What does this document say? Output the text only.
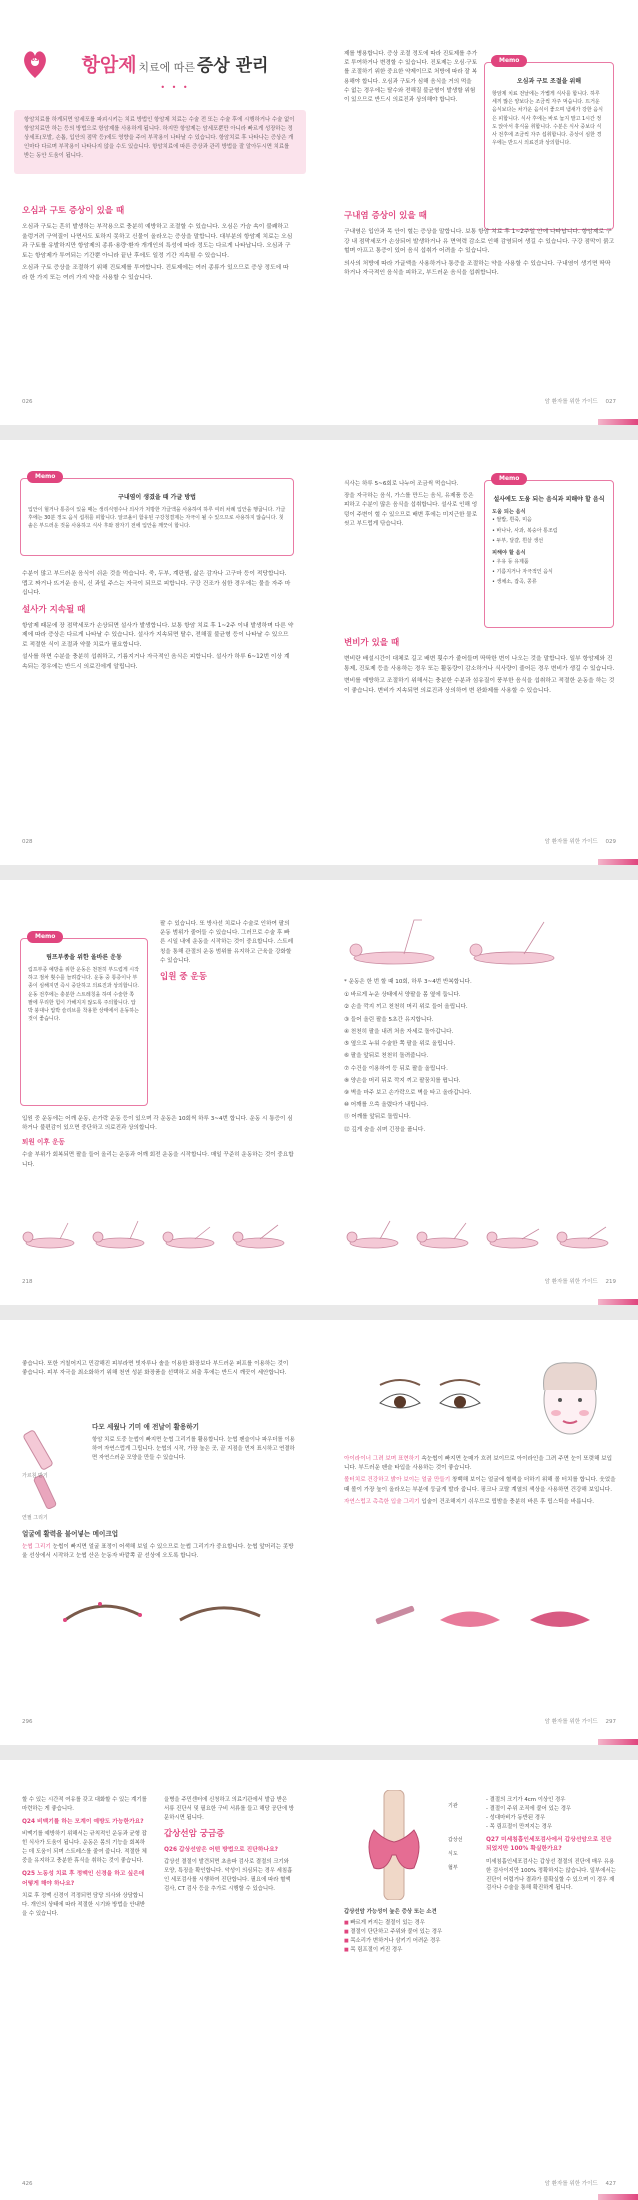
03	항암제 치료에 따른 증상 관리
• • •
항암치료를 하게되면 암세포를 파괴시키는 치료 방법인 항암제 치료는 수술 전 또는 수술 후에 시행하거나 수술 없이 항암치료만 하는 등의 방법으로 항암제를 사용하게 됩니다. 하지만 항암제는 암세포뿐만 아니라 빠르게 성장하는 정상세포(모발, 손톱, 입안의 점막 등)에도 영향을 주어 부작용이 나타날 수 있습니다. 항암치료 후 나타나는 증상은 개인마다 다르며 부작용이 나타나지 않을 수도 있습니다. 항암치료에 따른 증상과 관리 방법을 잘 알아두시면 치료를 받는 동안 도움이 됩니다.
오심과 구토 증상이 있을 때

오심과 구토는 흔히 발생하는 부작용으로 충분히 예방하고 조절할 수 있습니다. 오심은 가슴 속이 불쾌하고 울렁거려 구역질이 나면서도 토하지 못하고 신물이 올라오는 증상을 말합니다. 대부분의 항암제 치료는 오심과 구토를 유발하지만 항암제의 종류·용량·환자 개개인의 특성에 따라 정도는 다르게 나타납니다. 오심과 구토는 항암제가 투여되는 기간뿐 아니라 끝난 후에도 일정 기간 지속될 수 있습니다.

오심과 구토 증상을 조절하기 위해 진토제를 투여합니다. 진토제에는 여러 종류가 있으므로 증상 정도에 따라 한 가지 또는 여러 가지 약을 사용할 수 있습니다.

제를 병용합니다. 증상 조절 정도에 따라 진토제를 추가로 투여하거나 변경할 수 있습니다. 진토제는 오심·구토를 조절하기 위한 중요한 약제이므로 처방에 따라 잘 복용해야 합니다. 오심과 구토가 심해 음식을 거의 먹을 수 없는 경우에는 탈수와 전해질 불균형이 발생할 위험이 있으므로 반드시 의료진과 상의해야 합니다.

Memo
오심과 구토 조절을 위해

항암제 치료 전날에는 가볍게 식사를 합니다. 하루 세끼 많은 양보다는 조금씩 자주 먹습니다. 뜨거운 음식보다는 차가운 음식이 좋으며 냄새가 강한 음식은 피합니다. 식사 후에는 바로 눕지 말고 1시간 정도 앉아서 휴식을 취합니다. 수분은 식사 중보다 식사 전후에 조금씩 자주 섭취합니다. 증상이 심한 경우에는 반드시 의료진과 상의합니다.

구내염 증상이 있을 때

구내염은 입안과 목 안이 헐는 증상을 말합니다. 보통 항암 치료 후 1~2주일 안에 나타납니다. 항암제로 구강 내 점막세포가 손상되어 발생하거나 유 면역력 감소로 인해 감염되어 생길 수 있습니다. 구강 점막이 붉고 헐며 아프고 통증이 있어 음식 섭취가 어려울 수 있습니다.

의사의 처방에 따라 가글액을 사용하거나 통증을 조절하는 약을 사용할 수 있습니다. 구내염이 생기면 딱딱하거나 자극적인 음식을 피하고, 부드러운 음식을 섭취합니다.

026	암 환자를 위한 가이드 027
Memo
구내염이 생겼을 때 가글 방법

입안이 헐거나 통증이 있을 때는 생리식염수나 의사가 처방한 가글액을 사용하여 하루 여러 차례 입안을 헹굽니다. 가글 후에는 30분 정도 음식 섭취를 피합니다. 알코올이 함유된 구강청결제는 자극이 될 수 있으므로 사용하지 않습니다. 칫솔은 부드러운 것을 사용하고 식사 후와 잠자기 전에 입안을 깨끗이 합니다.

수분이 많고 부드러운 음식이 쉬운 것을 먹습니다. 죽, 두부, 계란찜, 삶은 감자나 고구마 등이 적당합니다. 맵고 짜거나 뜨거운 음식, 신 과일 주스는 자극이 되므로 피합니다. 구강 건조가 심한 경우에는 물을 자주 마십니다.

설사가 지속될 때

항암제 때문에 장 점막세포가 손상되면 설사가 발생합니다. 보통 항암 치료 후 1~2주 이내 발생하며 다른 약제에 따라 증상은 다르게 나타날 수 있습니다. 설사가 지속되면 탈수, 전해질 불균형 등이 나타날 수 있으므로 적절한 식이 조절과 약물 치료가 필요합니다.

설사를 하면 수분을 충분히 섭취하고, 기름지거나 자극적인 음식은 피합니다. 설사가 하루 6~12번 이상 계속되는 경우에는 반드시 의료진에게 알립니다.

식사는 하루 5~6회로 나누어 조금씩 먹습니다.

장을 자극하는 음식, 가스를 만드는 음식, 유제품 등은 피하고 수분이 많은 음식을 섭취합니다. 설사로 인해 엉덩이 주변이 헐 수 있으므로 배변 후에는 미지근한 물로 씻고 부드럽게 닦습니다.

Memo
설사에도 도움 되는 음식과 피해야 할 음식
도움 되는 음식
• 쌀밥, 흰죽, 미음
• 바나나, 사과, 복숭아 통조림
• 두부, 달걀, 흰살 생선
피해야 할 음식
• 우유 등 유제품
• 기름지거나 자극적인 음식
• 생채소, 잡곡, 콩류
변비가 있을 때

변비란 배설시간이 대체로 길고 배변 횟수가 줄어들며 딱딱한 변이 나오는 것을 말합니다. 일부 항암제와 진통제, 진토제 등을 사용하는 경우 또는 활동량이 감소하거나 식사량이 줄어든 경우 변비가 생길 수 있습니다.

변비를 예방하고 조절하기 위해서는 충분한 수분과 섬유질이 풍부한 음식을 섭취하고 적절한 운동을 하는 것이 좋습니다. 변비가 지속되면 의료진과 상의하여 변 완화제를 사용할 수 있습니다.

028	암 환자를 위한 가이드 029
Memo
림프부종을 위한 올바른 운동

림프부종 예방을 위한 운동은 천천히 부드럽게 시작하고 점차 횟수를 늘려갑니다. 운동 중 통증이나 부종이 심해지면 즉시 중단하고 의료진과 상의합니다. 운동 전후에는 충분한 스트레칭을 하며 수술한 쪽 팔에 무리한 힘이 가해지지 않도록 주의합니다. 압박 붕대나 압박 슬리브를 착용한 상태에서 운동하는 것이 좋습니다.

팔 수 있습니다. 또 방사선 치료나 수술로 인하여 팔의 운동 범위가 줄어들 수 있습니다. 그러므로 수술 후 빠른 시일 내에 운동을 시작하는 것이 중요합니다. 스트레칭을 통해 관절의 운동 범위를 유지하고 근육을 강화할 수 있습니다.

입원 중 운동

입원 중 운동에는 어깨 운동, 손가락 운동 등이 있으며 각 운동은 10회씩 하루 3~4번 합니다. 운동 시 통증이 심하거나 불편감이 있으면 중단하고 의료진과 상의합니다.

퇴원 이후 운동

수술 부위가 회복되면 팔을 들어 올리는 운동과 어깨 회전 운동을 시작합니다. 매일 꾸준히 운동하는 것이 중요합니다.

* 운동은 한 번 할 때 10회, 하루 3~4번 반복합니다.

① 바르게 누운 상태에서 양팔을 몸 옆에 둡니다.
② 손을 깍지 끼고 천천히 머리 위로 들어 올립니다.
③ 들어 올린 팔을 5초간 유지합니다.
④ 천천히 팔을 내려 처음 자세로 돌아갑니다.
⑤ 옆으로 누워 수술한 쪽 팔을 위로 올립니다.
⑥ 팔을 앞뒤로 천천히 돌려줍니다.
⑦ 수건을 이용하여 등 뒤로 팔을 올립니다.
⑧ 양손을 머리 뒤로 깍지 끼고 팔꿈치를 폅니다.
⑨ 벽을 마주 보고 손가락으로 벽을 타고 올라갑니다.
⑩ 어깨를 으쓱 올렸다가 내립니다.
⑪ 어깨를 앞뒤로 돌립니다.
⑫ 깊게 숨을 쉬며 긴장을 풉니다.
218	암 환자를 위한 가이드 219

좋습니다. 또한 거칠어지고 민감해진 피부라면 빗자루나 솔을 이용한 화장보다 부드러운 퍼프를 이용하는 것이 좋습니다. 피부 자극을 최소화하기 위해 천연 성분 화장품을 선택하고 외출 후에는 반드시 깨끗이 세안합니다.

가르침 받기
연필 그리기
다모 세웠나 기미 애 전날이 활용하기

항암 치료 도중 눈썹이 빠지면 눈썹 그리기를 활용합니다. 눈썹 펜슬이나 파우더를 이용하여 자연스럽게 그립니다. 눈썹의 시작, 가장 높은 곳, 끝 지점을 먼저 표시하고 연결하면 자연스러운 모양을 만들 수 있습니다.

얼굴에 활력을 불어넣는 메이크업

눈썹 그리기 눈썹이 빠지면 얼굴 표정이 어색해 보일 수 있으므로 눈썹 그리기가 중요합니다. 눈썹 앞머리는 콧방울 선상에서 시작하고 눈썹 산은 눈동자 바깥쪽 끝 선상에 오도록 합니다.

아이라이너 그려 보며 표현하기 속눈썹이 빠지면 눈매가 흐려 보이므로 아이라인을 그려 주면 눈이 또렷해 보입니다. 부드러운 펜슬 타입을 사용하는 것이 좋습니다.

볼터치로 건강하고 밝아 보이는 얼굴 만들기 창백해 보이는 얼굴에 혈색을 더하기 위해 볼 터치를 합니다. 웃었을 때 볼이 가장 높이 올라오는 부분에 둥글게 발라 줍니다. 핑크나 코랄 계열의 색상을 사용하면 건강해 보입니다.

자연스럽고 촉촉한 입술 그리기 입술이 건조해지기 쉬우므로 립밤을 충분히 바른 후 립스틱을 바릅니다.

296	암 환자를 위한 가이드 297

할 수 있는 시간적 여유를 갖고 대화할 수 있는 계기를 마련하는 게 좋습니다.

Q24 비맥기를 하는 모계이 예방도 가능한가요?

비맥기를 예방하기 위해서는 규칙적인 운동과 균형 잡힌 식사가 도움이 됩니다. 운동은 몸의 기능을 회복하는 데 도움이 되며 스트레스를 줄여 줍니다. 적절한 체중을 유지하고 충분한 휴식을 취하는 것이 좋습니다.

Q25 노동성 치료 후 정맥인 신경을 하고 싶은데 어떻게 해야 하나요?

치료 후 정맥 신경이 걱정되면 담당 의사와 상담합니다. 개인의 상태에 따라 적절한 시기와 방법을 안내받을 수 있습니다.

을병을 주민센터에 신청하고 의료기관에서 발급 받은 서류 진단서 및 필요한 구비 서류를 들고 해당 공단에 방문하시면 됩니다.

갑상선암 궁금증
Q26 갑상선암은 어떤 방법으로 진단하나요?

갑상선 결절이 발견되면 초음파 검사로 결절의 크기와 모양, 특징을 확인합니다. 악성이 의심되는 경우 세침흡인 세포검사를 시행하여 진단합니다. 필요에 따라 혈액검사, CT 검사 등을 추가로 시행할 수 있습니다.

기관
갑상선
식도
협부
갑상선암 가능성이 높은 증상 또는 소견
■ 빠르게 커지는 결절이 있는 경우
■ 결절이 단단하고 주위와 붙어 있는 경우
■ 목소리가 변하거나 삼키기 어려운 경우
■ 목 림프절이 커진 경우
- 결절의 크기가 4cm 이상인 경우
- 결절이 주위 조직에 붙어 있는 경우
- 성대마비가 동반된 경우
- 목 림프절이 만져지는 경우
Q27 미세침흡인세포검사에서 갑상선암으로 진단되었지만 100% 확실한가요?

미세침흡인세포검사는 갑상선 결절의 진단에 매우 유용한 검사이지만 100% 정확하지는 않습니다. 일부에서는 진단이 어렵거나 결과가 불확실할 수 있으며 이 경우 재검사나 수술을 통해 확진하게 됩니다.

426	암 환자를 위한 가이드 427
